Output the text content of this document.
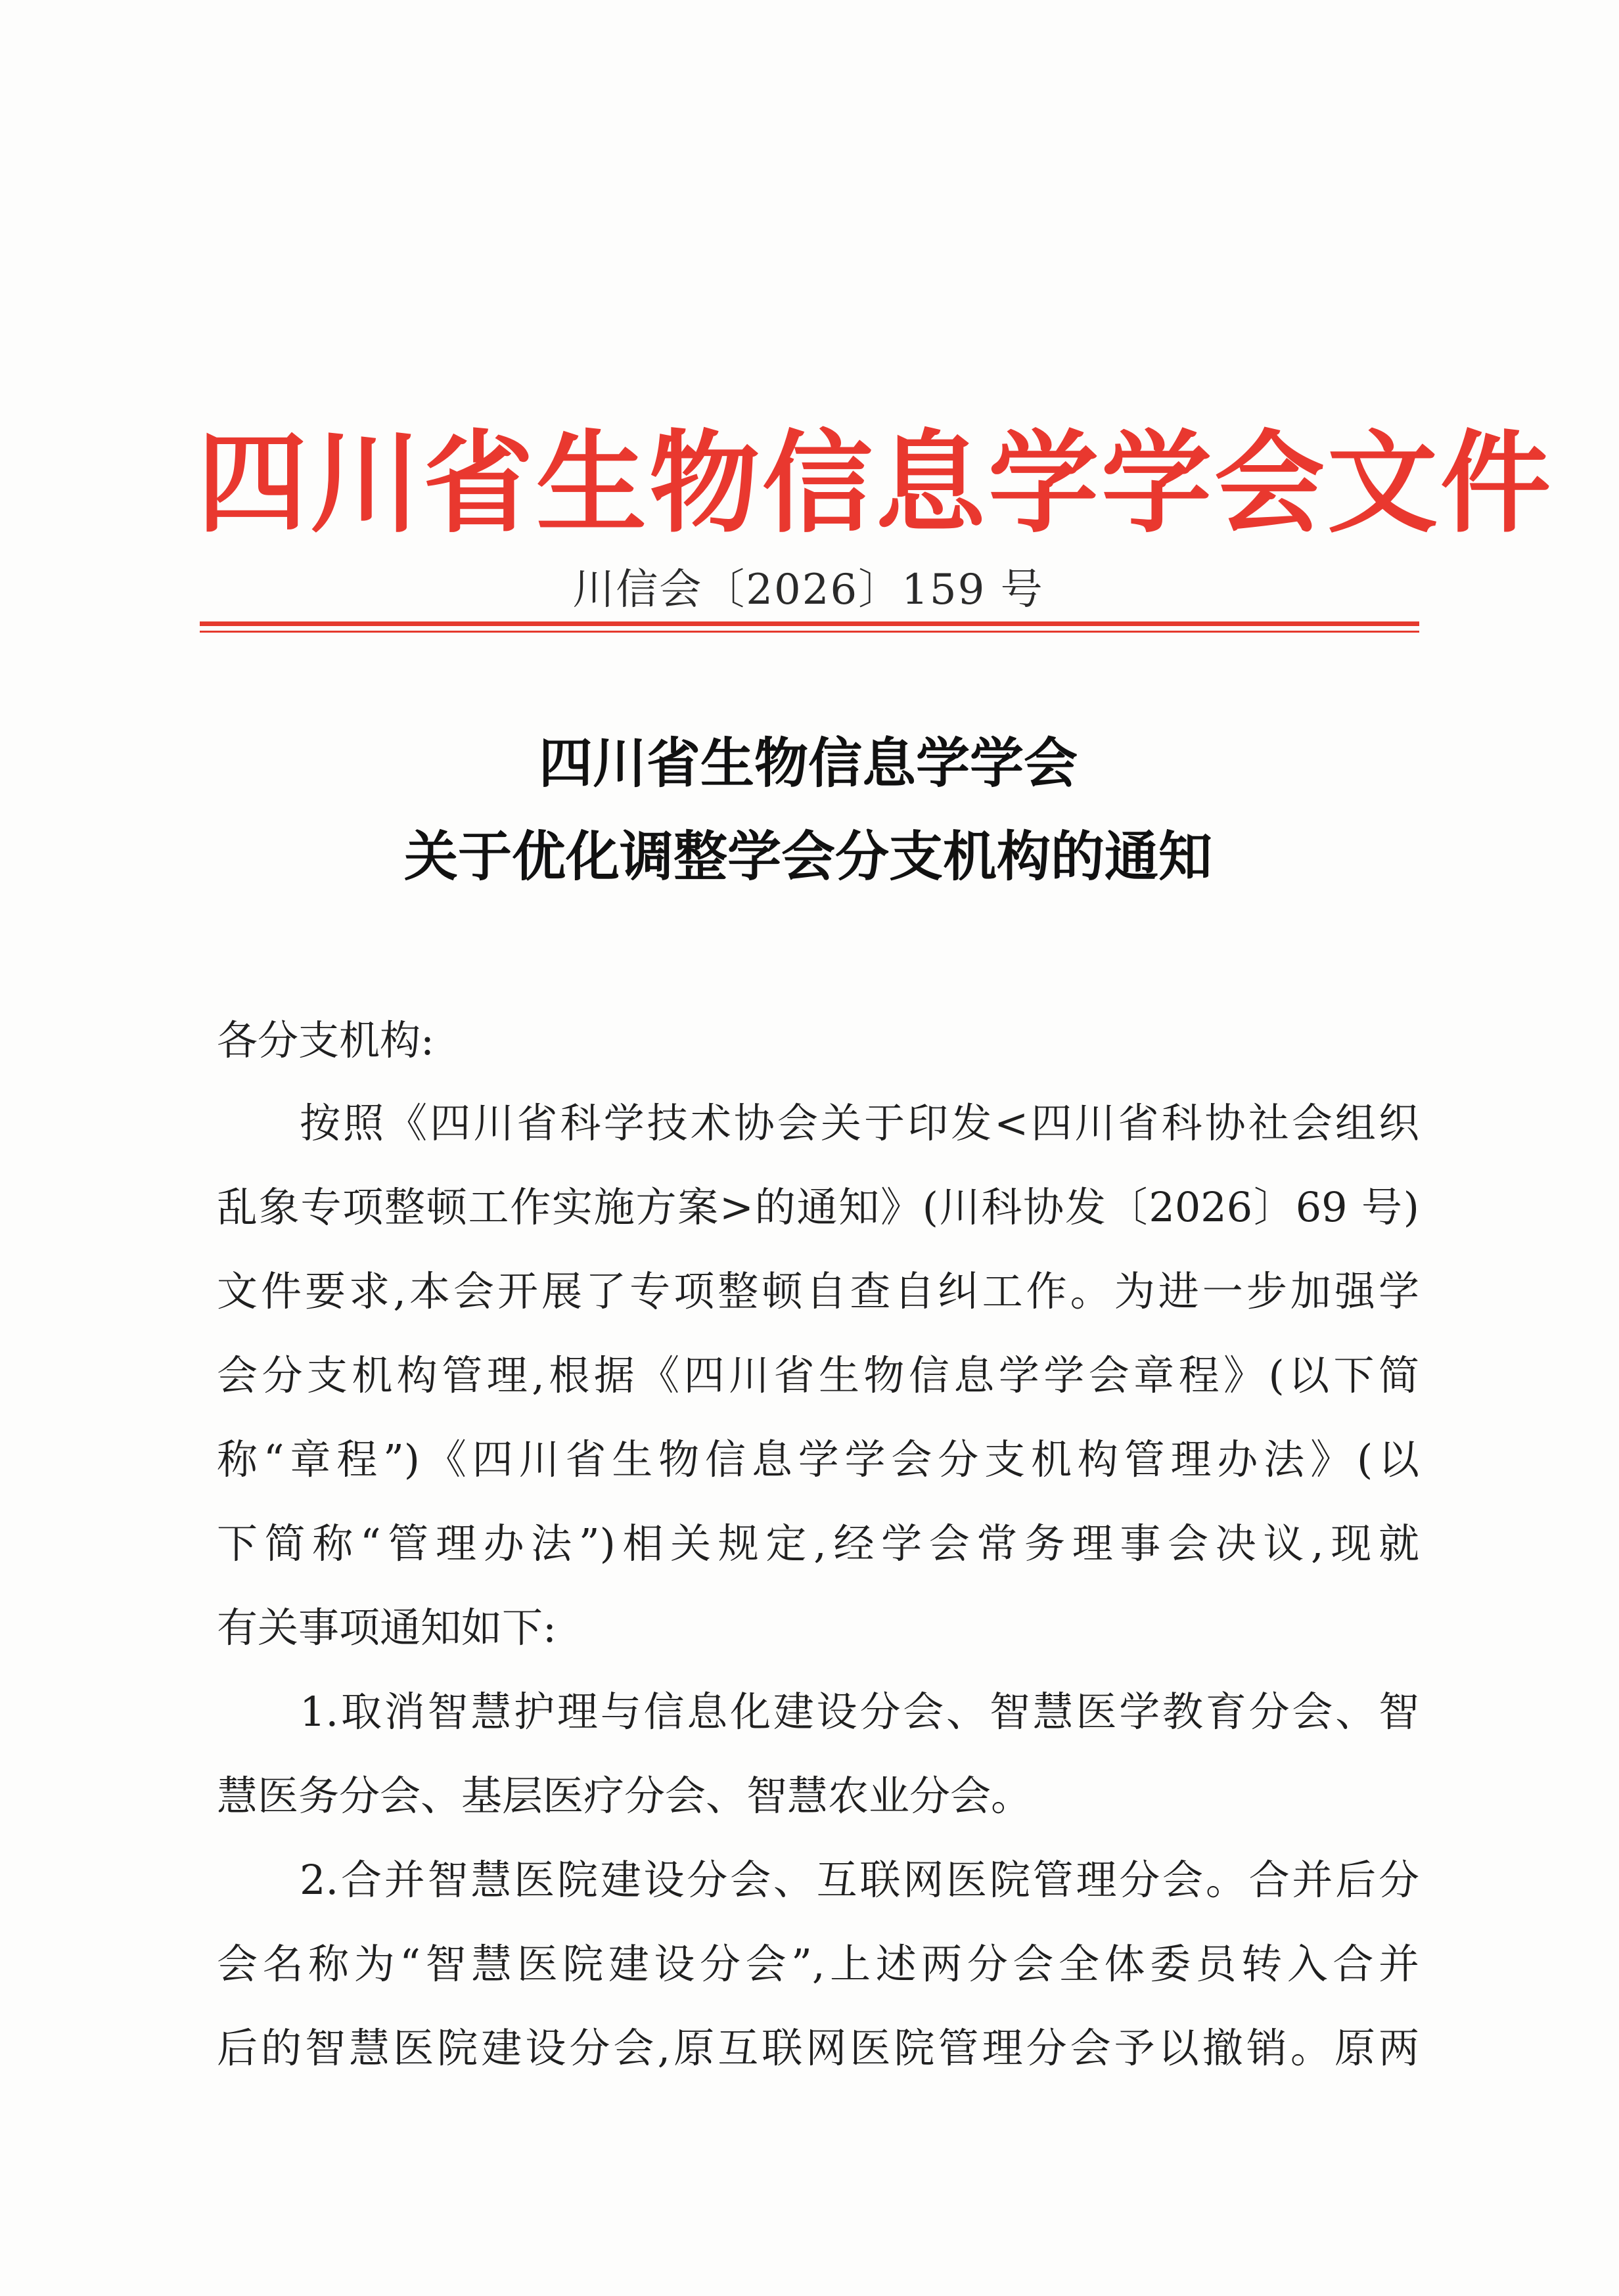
四川省生物信息学学会文件
川信会〔2026〕159 号
四川省生物信息学学会
关于优化调整学会分支机构的通知
各分支机构:
按照《四川省科学技术协会关于印发<四川省科协社会组织
乱象专项整顿工作实施方案>的通知》(川科协发〔2026〕69 号)
文件要求,本会开展了专项整顿自查自纠工作。为进一步加强学
会分支机构管理,根据《四川省生物信息学学会章程》(以下简
称“章程”)《四川省生物信息学学会分支机构管理办法》(以
下简称“管理办法”)相关规定,经学会常务理事会决议,现就
有关事项通知如下:
1.取消智慧护理与信息化建设分会、智慧医学教育分会、智
慧医务分会、基层医疗分会、智慧农业分会。
2.合并智慧医院建设分会、互联网医院管理分会。合并后分
会名称为“智慧医院建设分会”,上述两分会全体委员转入合并
后的智慧医院建设分会,原互联网医院管理分会予以撤销。原两
